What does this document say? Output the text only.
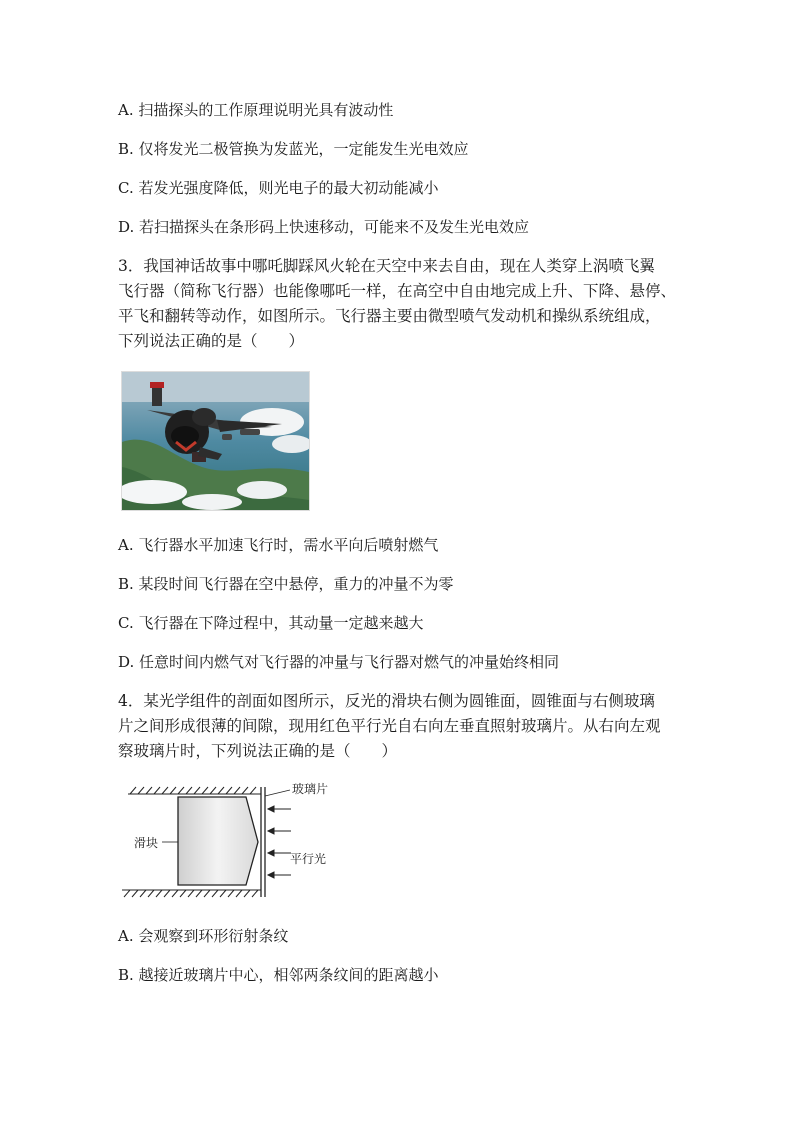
A. 扫描探头的工作原理说明光具有波动性
B. 仅将发光二极管换为发蓝光，一定能发生光电效应
C. 若发光强度降低，则光电子的最大初动能减小
D. 若扫描探头在条形码上快速移动，可能来不及发生光电效应
3．我国神话故事中哪吒脚踩风火轮在天空中来去自由，现在人类穿上涡喷飞翼
飞行器（简称飞行器）也能像哪吒一样，在高空中自由地完成上升、下降、悬停、
平飞和翻转等动作，如图所示。飞行器主要由微型喷气发动机和操纵系统组成，
下列说法正确的是（　　）
A. 飞行器水平加速飞行时，需水平向后喷射燃气
B. 某段时间飞行器在空中悬停，重力的冲量不为零
C. 飞行器在下降过程中，其动量一定越来越大
D. 任意时间内燃气对飞行器的冲量与飞行器对燃气的冲量始终相同
4．某光学组件的剖面如图所示，反光的滑块右侧为圆锥面，圆锥面与右侧玻璃
片之间形成很薄的间隙，现用红色平行光自右向左垂直照射玻璃片。从右向左观
察玻璃片时，下列说法正确的是（　　）
玻璃片
滑块
平行光
A. 会观察到环形衍射条纹
B. 越接近玻璃片中心，相邻两条纹间的距离越小
